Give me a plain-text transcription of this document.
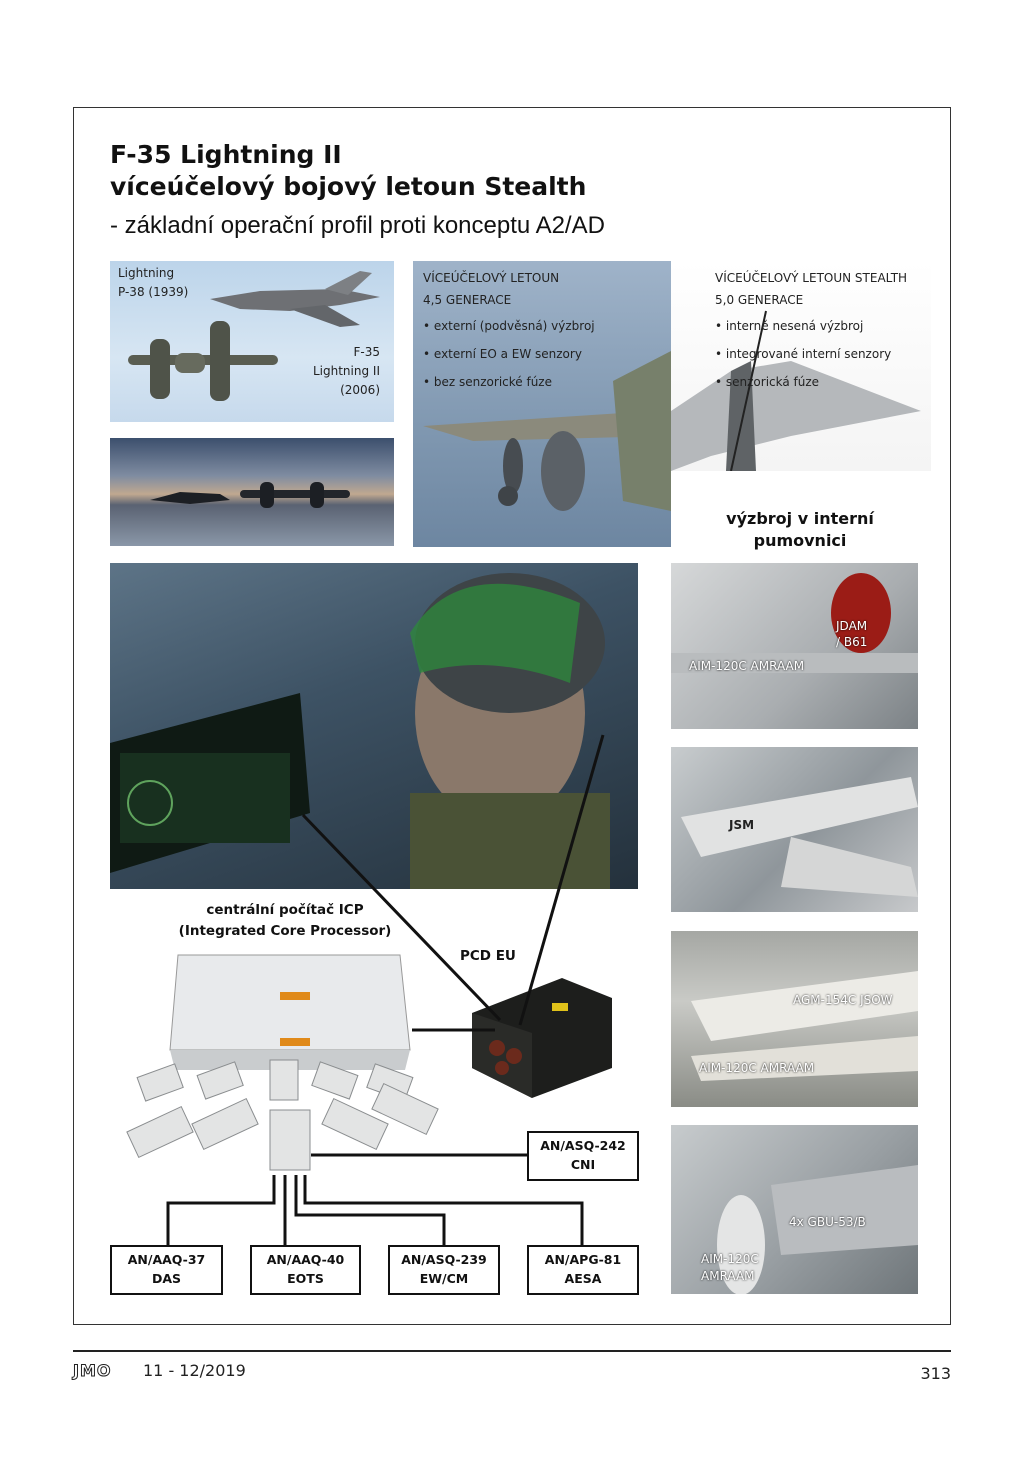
F-35 Lightning II
víceúčelový bojový letoun Stealth
- základní operační profil proti konceptu A2/AD
Lightning
P-38 (1939)
F-35
Lightning II
(2006)
VÍCEÚČELOVÝ LETOUN
4,5 GENERACE
• externí (podvěsná) výzbroj
• externí EO a EW senzory
• bez senzorické fúze
VÍCEÚČELOVÝ LETOUN STEALTH
5,0 GENERACE
• interně nesená výzbroj
• integrované interní senzory
• senzorická fúze
výzbroj v interní
pumovnici
JDAM
/ B61
AIM-120C AMRAAM
JSM
AGM-154C JSOW
AIM-120C AMRAAM
4x GBU-53/B
AIM-120C
AMRAAM
centrální počítač ICP
(Integrated Core Processor)
PCD EU
AN/ASQ-242
CNI
AN/AAQ-37
DAS
AN/AAQ-40
EOTS
AN/ASQ-239
EW/CM
AN/APG-81
AESA
JMO 11 - 12/2019	313
